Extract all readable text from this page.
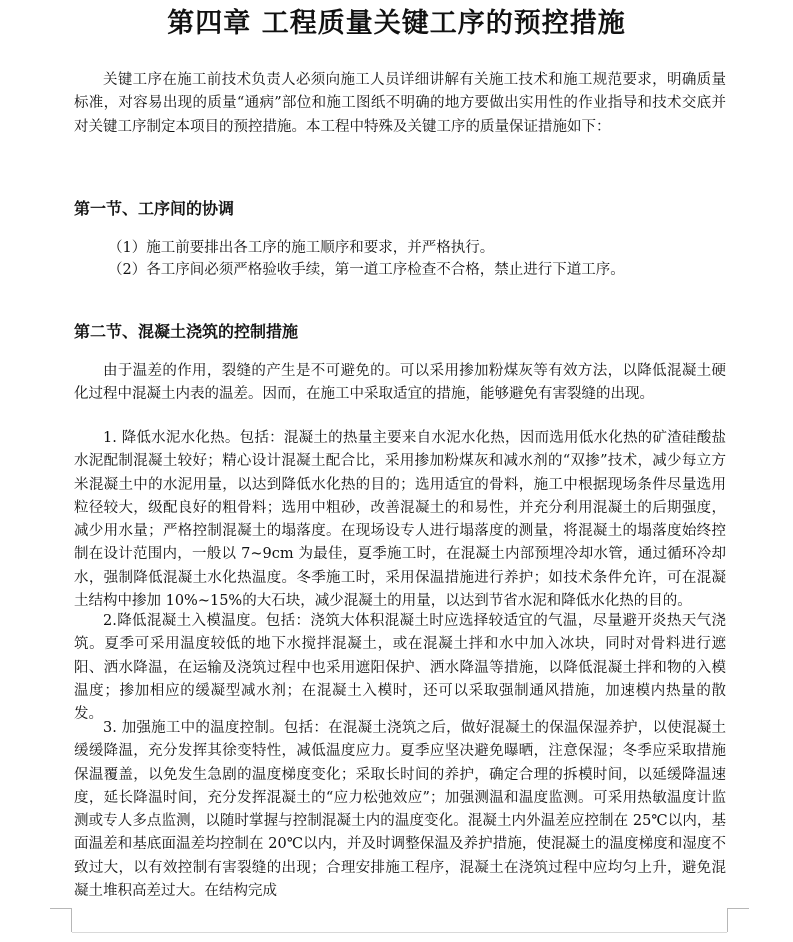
第四章 工程质量关键工序的预控措施

关键工序在施工前技术负责人必须向施工人员详细讲解有关施工技术和施工规范要求，明确质量标准，对容易出现的质量“通病”部位和施工图纸不明确的地方要做出实用性的作业指导和技术交底并对关键工序制定本项目的预控措施。本工程中特殊及关键工序的质量保证措施如下：

第一节、工序间的协调

（1）施工前要排出各工序的施工顺序和要求，并严格执行。

（2）各工序间必须严格验收手续，第一道工序检查不合格，禁止进行下道工序。

第二节、混凝土浇筑的控制措施

由于温差的作用，裂缝的产生是不可避免的。可以采用掺加粉煤灰等有效方法，以降低混凝土硬化过程中混凝土内表的温差。因而，在施工中采取适宜的措施，能够避免有害裂缝的出现。

1. 降低水泥水化热。包括：混凝土的热量主要来自水泥水化热，因而选用低水化热的矿渣硅酸盐水泥配制混凝土较好；精心设计混凝土配合比，采用掺加粉煤灰和减水剂的“双掺”技术，减少每立方米混凝土中的水泥用量，以达到降低水化热的目的；选用适宜的骨料，施工中根据现场条件尽量选用粒径较大，级配良好的粗骨料；选用中粗砂，改善混凝土的和易性，并充分利用混凝土的后期强度，减少用水量；严格控制混凝土的塌落度。在现场设专人进行塌落度的测量，将混凝土的塌落度始终控制在设计范围内，一般以 7~9cm 为最佳，夏季施工时，在混凝土内部预埋冷却水管，通过循环冷却水，强制降低混凝土水化热温度。冬季施工时，采用保温措施进行养护；如技术条件允许，可在混凝土结构中掺加 10%~15%的大石块，减少混凝土的用量，以达到节省水泥和降低水化热的目的。

2.降低混凝土入模温度。包括：浇筑大体积混凝土时应选择较适宜的气温，尽量避开炎热天气浇筑。夏季可采用温度较低的地下水搅拌混凝土，或在混凝土拌和水中加入冰块，同时对骨料进行遮阳、洒水降温，在运输及浇筑过程中也采用遮阳保护、洒水降温等措施，以降低混凝土拌和物的入模温度；掺加相应的缓凝型减水剂；在混凝土入模时，还可以采取强制通风措施，加速模内热量的散发。

3. 加强施工中的温度控制。包括：在混凝土浇筑之后，做好混凝土的保温保湿养护，以使混凝土缓缓降温，充分发挥其徐变特性，减低温度应力。夏季应坚决避免曝晒，注意保湿；冬季应采取措施保温覆盖，以免发生急剧的温度梯度变化；采取长时间的养护，确定合理的拆模时间，以延缓降温速度，延长降温时间，充分发挥混凝土的“应力松弛效应”；加强测温和温度监测。可采用热敏温度计监测或专人多点监测，以随时掌握与控制混凝土内的温度变化。混凝土内外温差应控制在 25℃以内，基面温差和基底面温差均控制在 20℃以内，并及时调整保温及养护措施，使混凝土的温度梯度和湿度不致过大，以有效控制有害裂缝的出现；合理安排施工程序，混凝土在浇筑过程中应均匀上升，避免混凝土堆积高差过大。在结构完成
